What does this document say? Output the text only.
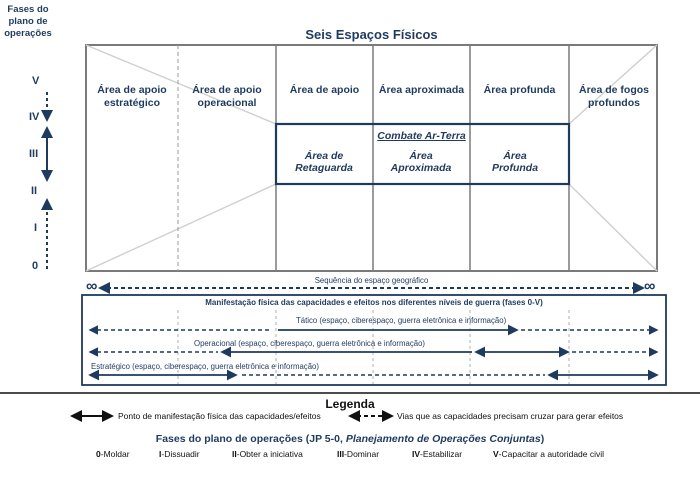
Fases do plano de operações
V
IV
III
II
I
0
Seis Espaços Físicos
Área de apoio estratégico
Área de apoio operacional
Área de apoio	Área aproximada	Área profunda	Área de fogos profundos
Combate Ar-Terra
Área de Retaguarda
Área Aproximada
Área Profunda
Sequência do espaço geográfico
∞	∞
Manifestação física das capacidades e efeitos nos diferentes níveis de guerra (fases 0-V)
Tático (espaço, ciberespaço, guerra eletrônica e informação)
Operacional (espaço, ciberespaço, guerra eletrônica e informação)
Estratégico (espaço, ciberespaço, guerra eletrônica e informação)
Legenda
Ponto de manifestação física das capacidades/efeitos	Vias que as capacidades precisam cruzar para gerar efeitos
Fases do plano de operações (JP 5-0, Planejamento de Operações Conjuntas)
0-Moldar	I-Dissuadir	II-Obter a iniciativa	III-Dominar	IV-Estabilizar	V-Capacitar a autoridade civil
